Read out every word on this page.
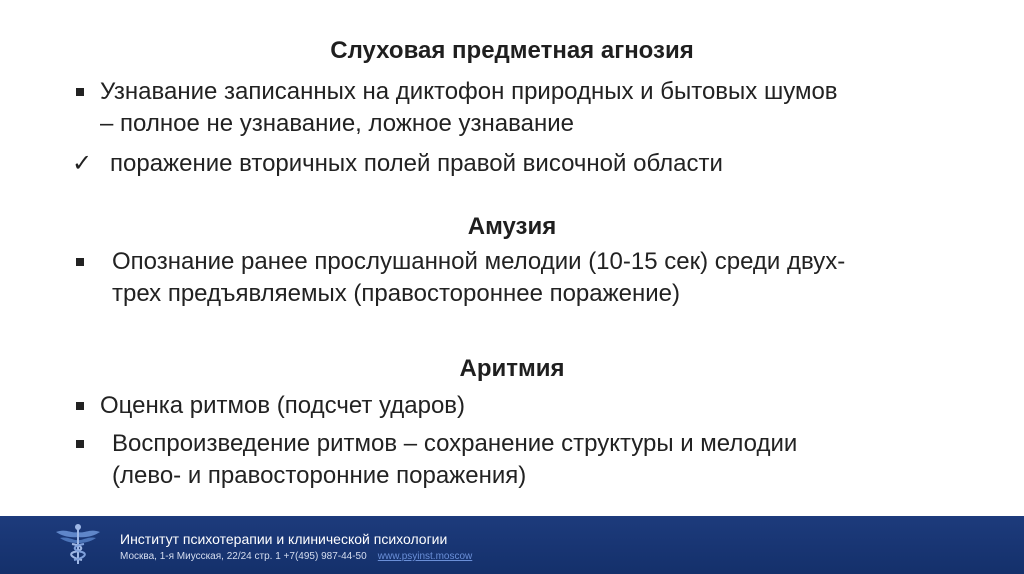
Слуховая предметная агнозия
Узнавание записанных на диктофон природных и бытовых шумов
– полное не узнавание, ложное узнавание
✓ поражение вторичных полей правой височной области
Амузия
Опознание ранее прослушанной мелодии (10-15 сек) среди двух-
трех предъявляемых (правостороннее поражение)
Аритмия
Оценка ритмов (подсчет ударов)
Воспроизведение ритмов – сохранение структуры и мелодии
(лево- и правосторонние поражения)
Институт психотерапии и клинической психологии
Москва, 1-я Миусская, 22/24 стр. 1 +7(495) 987-44-50 www.psyinst.moscow
